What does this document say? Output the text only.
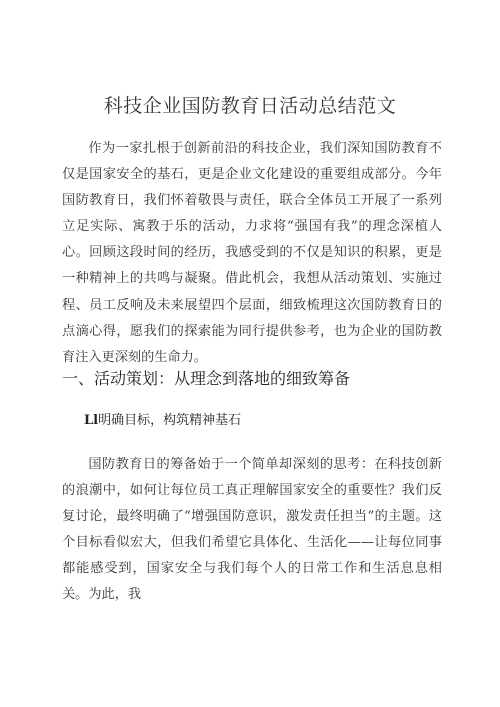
科技企业国防教育日活动总结范文
作为一家扎根于创新前沿的科技企业，我们深知国防教育不仅是国家安全的基石，更是企业文化建设的重要组成部分。今年国防教育日，我们怀着敬畏与责任，联合全体员工开展了一系列立足实际、寓教于乐的活动，力求将“强国有我”的理念深植人心。回顾这段时间的经历，我感受到的不仅是知识的积累，更是一种精神上的共鸣与凝聚。借此机会，我想从活动策划、实施过程、员工反响及未来展望四个层面，细致梳理这次国防教育日的点滴心得，愿我们的探索能为同行提供参考，也为企业的国防教育注入更深刻的生命力。
一、活动策划：从理念到落地的细致筹备
Ll明确目标，构筑精神基石
国防教育日的筹备始于一个简单却深刻的思考：在科技创新的浪潮中，如何让每位员工真正理解国家安全的重要性？我们反复讨论，最终明确了“增强国防意识，激发责任担当”的主题。这个目标看似宏大，但我们希望它具体化、生活化——让每位同事都能感受到，国家安全与我们每个人的日常工作和生活息息相关。为此，我
